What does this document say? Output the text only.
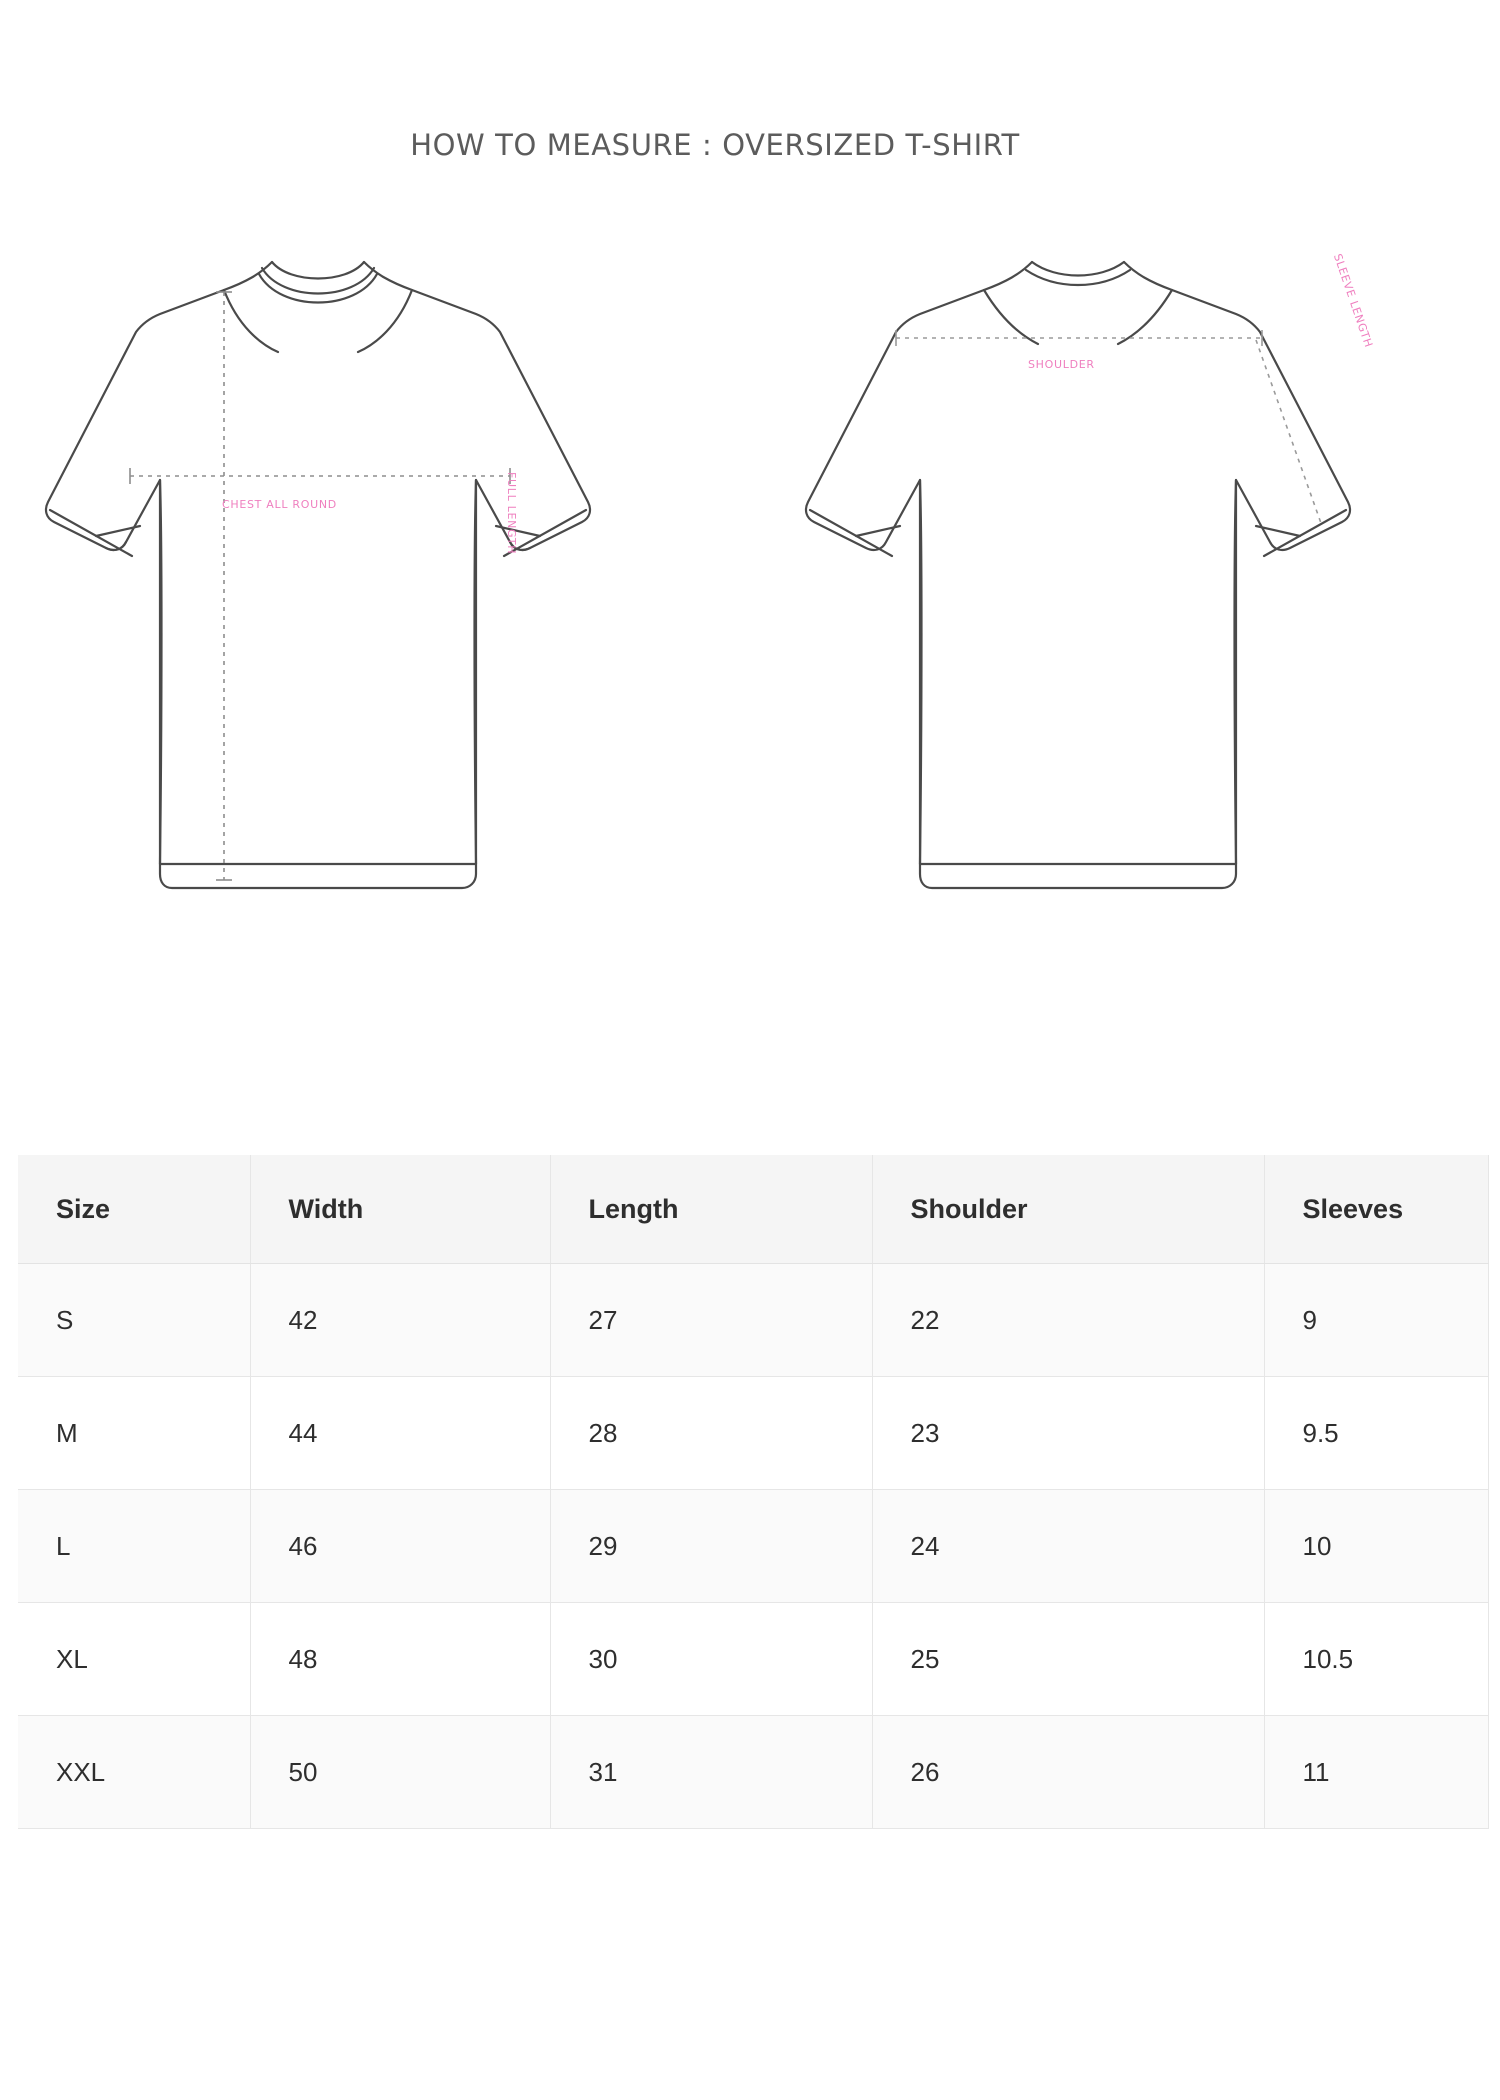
HOW TO MEASURE : OVERSIZED T-SHIRT
CHEST ALL ROUND	FULL LENGTH
SHOULDER
SLEEVE LENGTH
Size	Width	Length	Shoulder	Sleeves
S	42	27	22	9
M	44	28	23	9.5
L	46	29	24	10
XL	48	30	25	10.5
XXL	50	31	26	11
